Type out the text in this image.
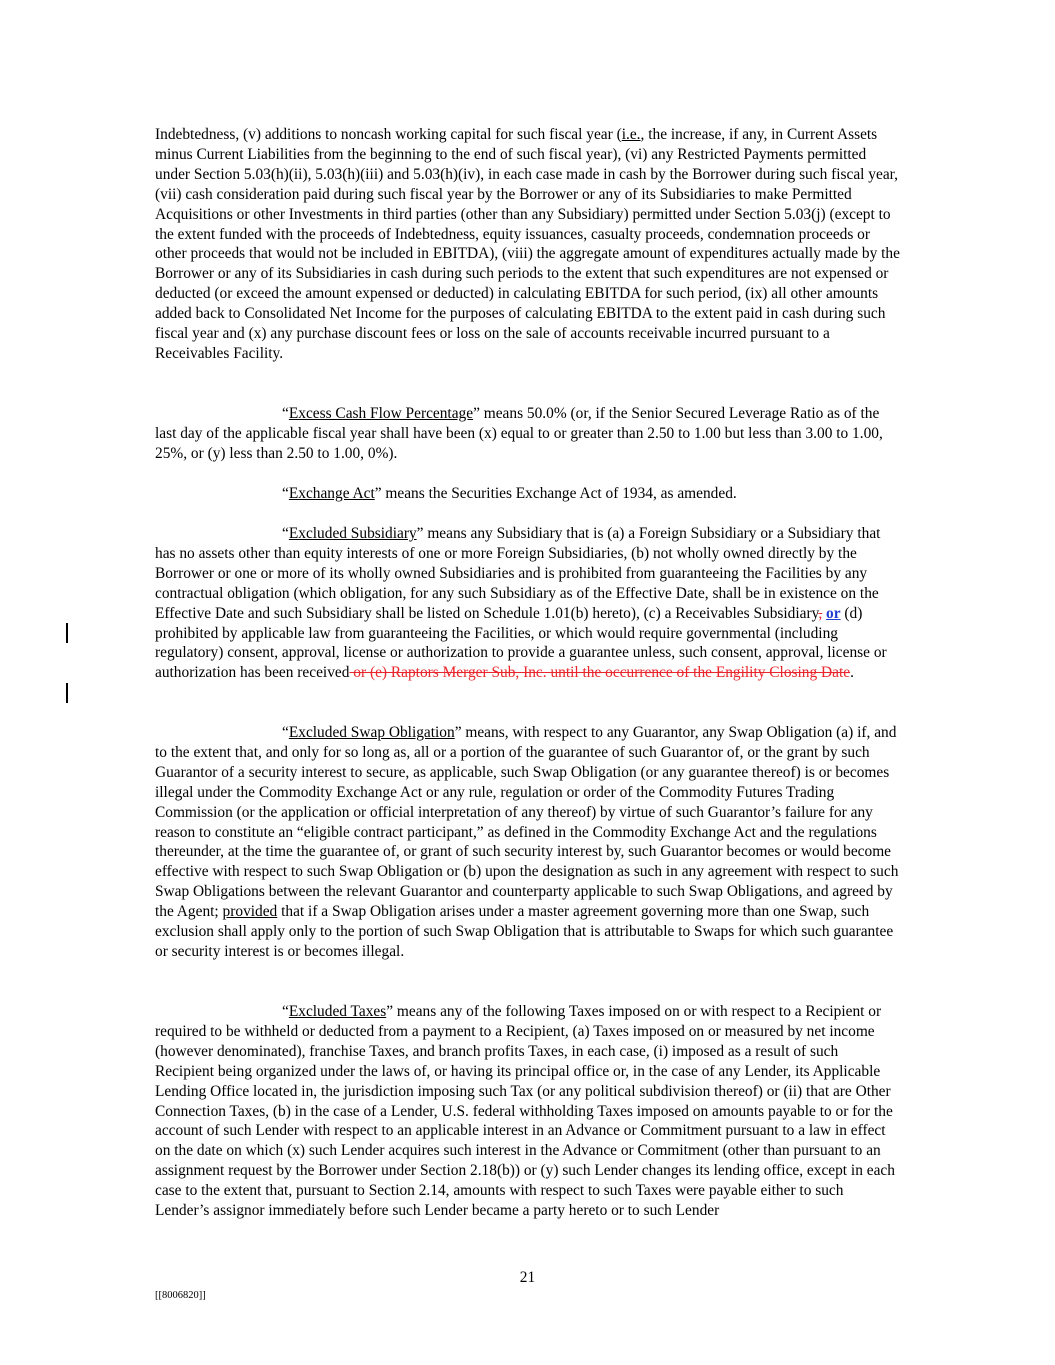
Indebtedness, (v) additions to noncash working capital for such fiscal year (i.e., the increase, if any, in Current Assets minus Current Liabilities from the beginning to the end of such fiscal year), (vi) any Restricted Payments permitted under Section 5.03(h)(ii), 5.03(h)(iii) and 5.03(h)(iv), in each case made in cash by the Borrower during such fiscal year, (vii) cash consideration paid during such fiscal year by the Borrower or any of its Subsidiaries to make Permitted Acquisitions or other Investments in third parties (other than any Subsidiary) permitted under Section 5.03(j) (except to the extent funded with the proceeds of Indebtedness, equity issuances, casualty proceeds, condemnation proceeds or other proceeds that would not be included in EBITDA), (viii) the aggregate amount of expenditures actually made by the Borrower or any of its Subsidiaries in cash during such periods to the extent that such expenditures are not expensed or deducted (or exceed the amount expensed or deducted) in calculating EBITDA for such period, (ix) all other amounts added back to Consolidated Net Income for the purposes of calculating EBITDA to the extent paid in cash during such fiscal year and (x) any purchase discount fees or loss on the sale of accounts receivable incurred pursuant to a Receivables Facility.

“Excess Cash Flow Percentage” means 50.0% (or, if the Senior Secured Leverage Ratio as of the last day of the applicable fiscal year shall have been (x) equal to or greater than 2.50 to 1.00 but less than 3.00 to 1.00, 25%, or (y) less than 2.50 to 1.00, 0%).

“Exchange Act” means the Securities Exchange Act of 1934, as amended.

“Excluded Subsidiary” means any Subsidiary that is (a) a Foreign Subsidiary or a Subsidiary that has no assets other than equity interests of one or more Foreign Subsidiaries, (b) not wholly owned directly by the Borrower or one or more of its wholly owned Subsidiaries and is prohibited from guaranteeing the Facilities by any contractual obligation (which obligation, for any such Subsidiary as of the Effective Date, shall be in existence on the Effective Date and such Subsidiary shall be listed on Schedule 1.01(b) hereto), (c) a Receivables Subsidiary, or (d) prohibited by applicable law from guaranteeing the Facilities, or which would require governmental (including regulatory) consent, approval, license or authorization to provide a guarantee unless, such consent, approval, license or authorization has been received or (e) Raptors Merger Sub, Inc. until the occurrence of the Engility Closing Date.

“Excluded Swap Obligation” means, with respect to any Guarantor, any Swap Obligation (a) if, and to the extent that, and only for so long as, all or a portion of the guarantee of such Guarantor of, or the grant by such Guarantor of a security interest to secure, as applicable, such Swap Obligation (or any guarantee thereof) is or becomes illegal under the Commodity Exchange Act or any rule, regulation or order of the Commodity Futures Trading Commission (or the application or official interpretation of any thereof) by virtue of such Guarantor’s failure for any reason to constitute an “eligible contract participant,” as defined in the Commodity Exchange Act and the regulations thereunder, at the time the guarantee of, or grant of such security interest by, such Guarantor becomes or would become effective with respect to such Swap Obligation or (b) upon the designation as such in any agreement with respect to such Swap Obligations between the relevant Guarantor and counterparty applicable to such Swap Obligations, and agreed by the Agent; provided that if a Swap Obligation arises under a master agreement governing more than one Swap, such exclusion shall apply only to the portion of such Swap Obligation that is attributable to Swaps for which such guarantee or security interest is or becomes illegal.

“Excluded Taxes” means any of the following Taxes imposed on or with respect to a Recipient or required to be withheld or deducted from a payment to a Recipient, (a) Taxes imposed on or measured by net income (however denominated), franchise Taxes, and branch profits Taxes, in each case, (i) imposed as a result of such Recipient being organized under the laws of, or having its principal office or, in the case of any Lender, its Applicable Lending Office located in, the jurisdiction imposing such Tax (or any political subdivision thereof) or (ii) that are Other Connection Taxes, (b) in the case of a Lender, U.S. federal withholding Taxes imposed on amounts payable to or for the account of such Lender with respect to an applicable interest in an Advance or Commitment pursuant to a law in effect on the date on which (x) such Lender acquires such interest in the Advance or Commitment (other than pursuant to an assignment request by the Borrower under Section 2.18(b)) or (y) such Lender changes its lending office, except in each case to the extent that, pursuant to Section 2.14, amounts with respect to such Taxes were payable either to such Lender’s assignor immediately before such Lender became a party hereto or to such Lender

21
[[8006820]]
